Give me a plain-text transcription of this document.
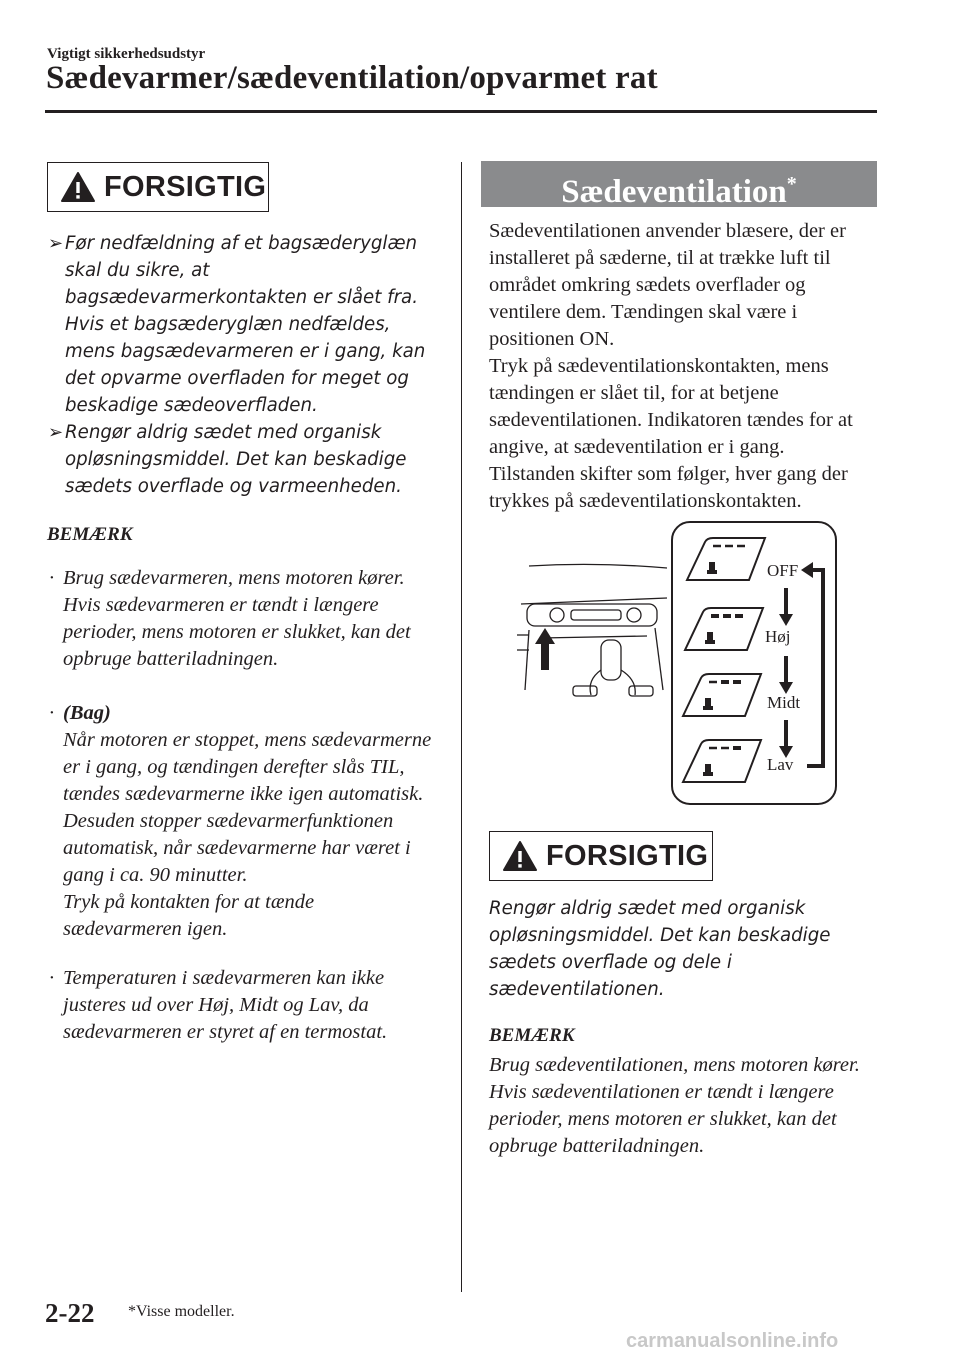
Vigtigt sikkerhedsudstyr
Sædevarmer/sædeventilation/opvarmet rat
FORSIGTIG
➢ Før nedfældning af et bagsæderyglæn skal du sikre, at bagsædevarmerkontakten er slået fra. Hvis et bagsæderyglæn nedfældes, mens bagsædevarmeren er i gang, kan det opvarme overfladen for meget og beskadige sædeoverfladen.
➢ Rengør aldrig sædet med organisk opløsningsmiddel. Det kan beskadige sædets overflade og varmeenheden.
BEMÆRK
· Brug sædevarmeren, mens motoren kører. Hvis sædevarmeren er tændt i længere perioder, mens motoren er slukket, kan det opbruge batteriladningen.
· (Bag)
Når motoren er stoppet, mens sædevarmerne er i gang, og tændingen derefter slås TIL, tændes sædevarmerne ikke igen automatisk. Desuden stopper sædevarmerfunktionen automatisk, når sædevarmerne har været i gang i ca. 90 minutter.
Tryk på kontakten for at tænde sædevarmeren igen.
· Temperaturen i sædevarmeren kan ikke justeres ud over Høj, Midt og Lav, da sædevarmeren er styret af en termostat.
Sædeventilation*

Sædeventilationen anvender blæsere, der er installeret på sæderne, til at trække luft til området omkring sædets overflader og ventilere dem. Tændingen skal være i positionen ON.

Tryk på sædeventilationskontakten, mens tændingen er slået til, for at betjene sædeventilationen. Indikatoren tændes for at angive, at sædeventilation er i gang.

Tilstanden skifter som følger, hver gang der trykkes på sædeventilationskontakten.

OFF
Høj
Midt
Lav
FORSIGTIG
Rengør aldrig sædet med organisk opløsningsmiddel. Det kan beskadige sædets overflade og dele i sædeventilationen.
BEMÆRK
Brug sædeventilationen, mens motoren kører. Hvis sædeventilationen er tændt i længere perioder, mens motoren er slukket, kan det opbruge batteriladningen.
2-22 *Visse modeller.
carmanualsonline.info
